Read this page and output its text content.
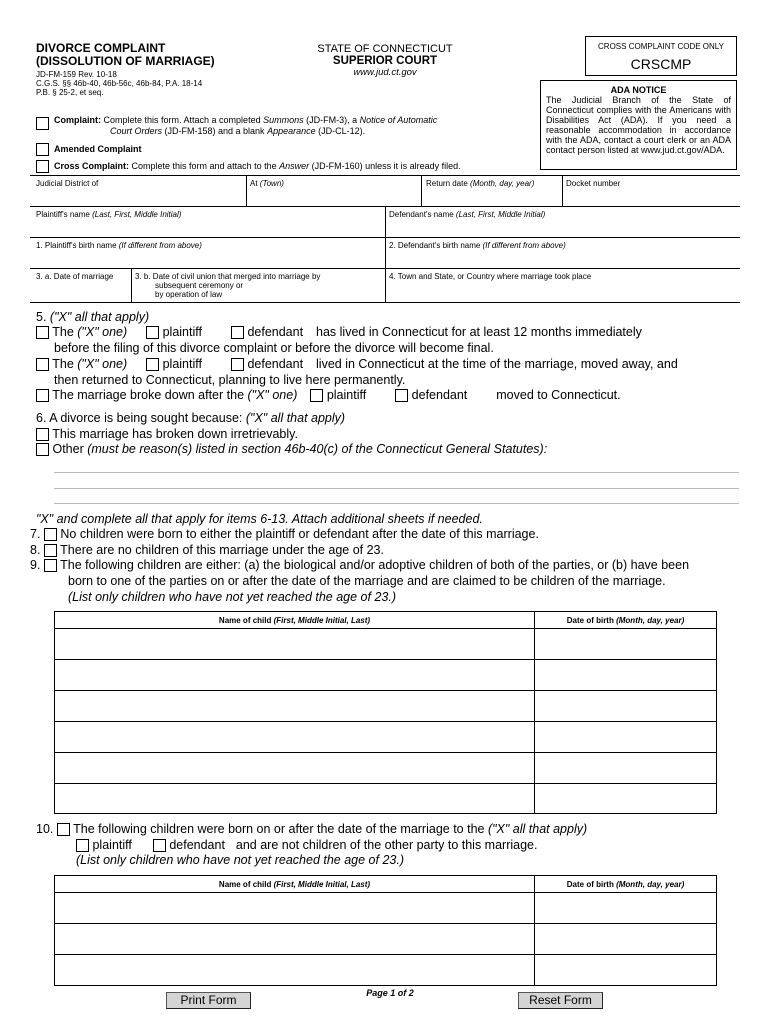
DIVORCE COMPLAINT
(DISSOLUTION OF MARRIAGE)
JD-FM-159 Rev. 10-18
C.G.S. §§ 46b-40, 46b-56c, 46b-84, P.A. 18-14
P.B. § 25-2, et seq.
STATE OF CONNECTICUT
SUPERIOR COURT
www.jud.ct.gov
CROSS COMPLAINT CODE ONLY
CRSCMP
ADA NOTICE
The Judicial Branch of the State of Connecticut complies with the Americans with Disabilities Act (ADA). If you need a reasonable accommodation in accordance with the ADA, contact a court clerk or an ADA contact person listed at www.jud.ct.gov/ADA.
Complaint: Complete this form. Attach a completed Summons (JD-FM-3), a Notice of Automatic
Court Orders (JD-FM-158) and a blank Appearance (JD-CL-12).
Amended Complaint
Cross Complaint: Complete this form and attach to the Answer (JD-FM-160) unless it is already filed.
Judicial District of	At (Town)	Return date (Month, day, year)	Docket number
Plaintiff's name (Last, First, Middle Initial)	Defendant's name (Last, First, Middle Initial)
1. Plaintiff's birth name (If different from above)	2. Defendant's birth name (If different from above)
3. a. Date of marriage	3. b. Date of civil union that merged into marriage by
subsequent ceremony or
by operation of law
4. Town and State, or Country where marriage took place
5. ("X" all that apply)
The ("X" one)	plaintiff	defendant has lived in Connecticut for at least 12 months immediately
before the filing of this divorce complaint or before the divorce will become final.
The ("X" one)	plaintiff	defendant lived in Connecticut at the time of the marriage, moved away, and
then returned to Connecticut, planning to live here permanently.
The marriage broke down after the ("X" one) plaintiff	defendant moved to Connecticut.
6. A divorce is being sought because: ("X" all that apply)
This marriage has broken down irretrievably.
Other (must be reason(s) listed in section 46b-40(c) of the Connecticut General Statutes):
"X" and complete all that apply for items 6-13. Attach additional sheets if needed.
7. No children were born to either the plaintiff or defendant after the date of this marriage.
8. There are no children of this marriage under the age of 23.
9. The following children are either: (a) the biological and/or adoptive children of both of the parties, or (b) have been
born to one of the parties on or after the date of the marriage and are claimed to be children of the marriage.
(List only children who have not yet reached the age of 23.)
Name of child (First, Middle Initial, Last)	Date of birth (Month, day, year)
10. The following children were born on or after the date of the marriage to the ("X" all that apply)
plaintiff	defendant and are not children of the other party to this marriage.
(List only children who have not yet reached the age of 23.)
Name of child (First, Middle Initial, Last)	Date of birth (Month, day, year)
Print Form	Page 1 of 2	Reset Form
